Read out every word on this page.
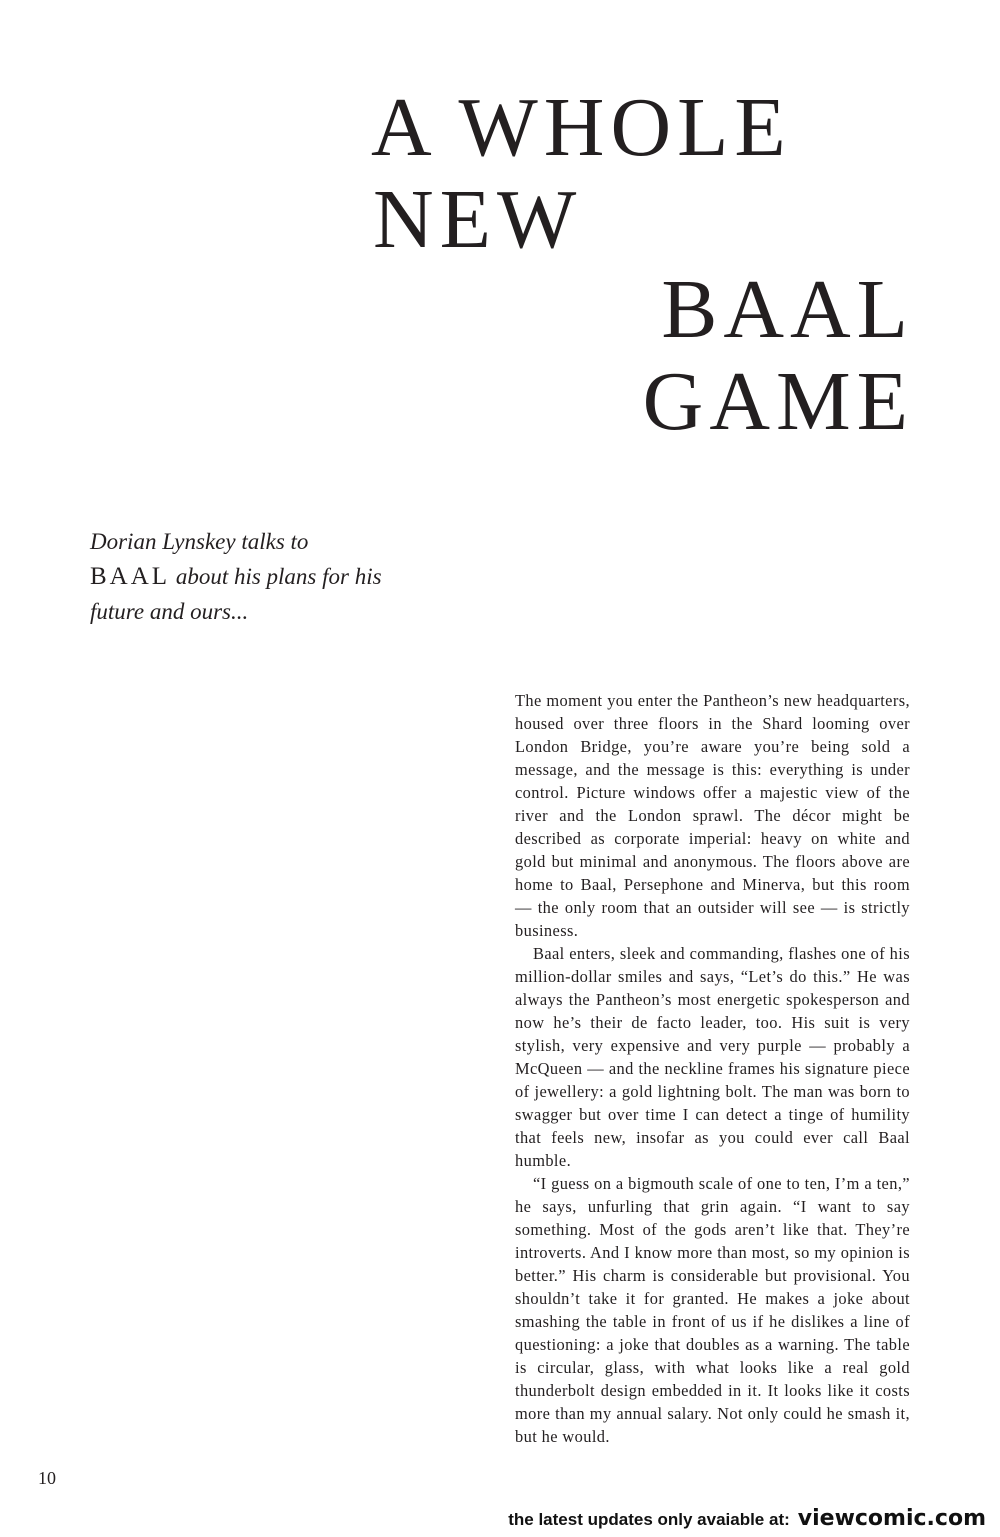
A WHOLE
NEW
BAAL
GAME

Dorian Lynskey talks to
BAAL about his plans for his future and ours...

The moment you enter the Pantheon’s new headquarters, housed over three floors in the Shard looming over London Bridge, you’re aware you’re being sold a message, and the message is this: everything is under control. Picture windows offer a majestic view of the river and the London sprawl. The décor might be described as corporate imperial: heavy on white and gold but minimal and anonymous. The floors above are home to Baal, Persephone and Minerva, but this room — the only room that an outsider will see — is strictly business.

Baal enters, sleek and commanding, flashes one of his million-dollar smiles and says, “Let’s do this.” He was always the Pantheon’s most energetic spokesperson and now he’s their de facto leader, too. His suit is very stylish, very expensive and very purple — probably a McQueen — and the neckline frames his signature piece of jewellery: a gold lightning bolt. The man was born to swagger but over time I can detect a tinge of humility that feels new, insofar as you could ever call Baal humble.

“I guess on a bigmouth scale of one to ten, I’m a ten,” he says, unfurling that grin again. “I want to say something. Most of the gods aren’t like that. They’re introverts. And I know more than most, so my opinion is better.” His charm is considerable but provisional. You shouldn’t take it for granted. He makes a joke about smashing the table in front of us if he dislikes a line of questioning: a joke that doubles as a warning. The table is circular, glass, with what looks like a real gold thunderbolt design embedded in it. It looks like it costs more than my annual salary. Not only could he smash it, but he would.

10
the latest updates only avaiable at: viewcomic.com
